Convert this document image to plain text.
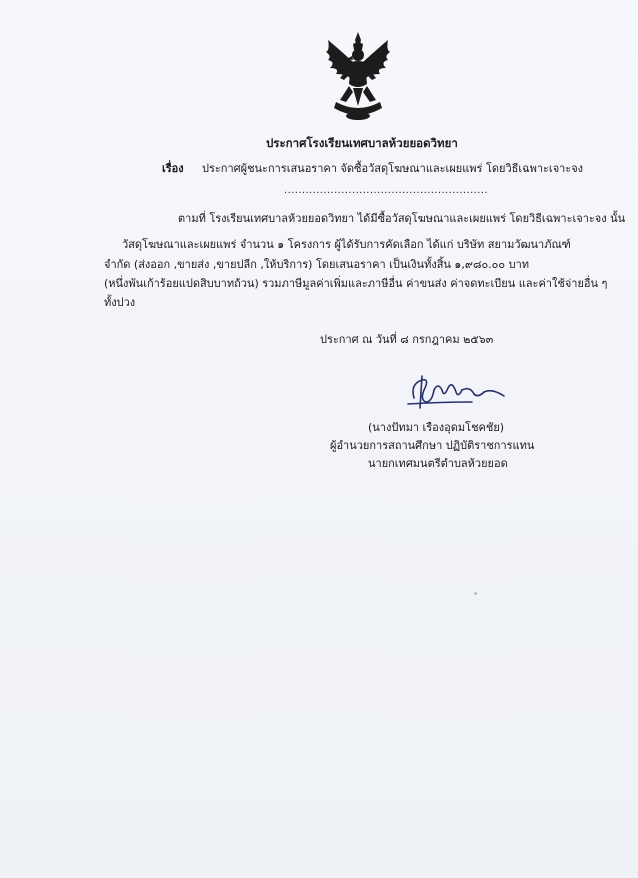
ประกาศโรงเรียนเทศบาลห้วยยอดวิทยา
เรื่อง ประกาศผู้ชนะการเสนอราคา จัดซื้อวัสดุโฆษณาและเผยแพร่ โดยวิธีเฉพาะเจาะจง
.........................................................
ตามที่ โรงเรียนเทศบาลห้วยยอดวิทยา ได้มีซื้อวัสดุโฆษณาและเผยแพร่ โดยวิธีเฉพาะเจาะจง นั้น
วัสดุโฆษณาและเผยแพร่ จำนวน ๑ โครงการ ผู้ได้รับการคัดเลือก ได้แก่ บริษัท สยามวัฒนาภัณฑ์
จำกัด (ส่งออก ,ขายส่ง ,ขายปลีก ,ให้บริการ) โดยเสนอราคา เป็นเงินทั้งสิ้น ๑,๙๘๐.๐๐ บาท
(หนึ่งพันเก้าร้อยแปดสิบบาทถ้วน) รวมภาษีมูลค่าเพิ่มและภาษีอื่น ค่าขนส่ง ค่าจดทะเบียน และค่าใช้จ่ายอื่น ๆ
ทั้งปวง
ประกาศ ณ วันที่ ๘ กรกฎาคม ๒๕๖๓
(นางปัทมา เรืองอุดมโชคชัย)
ผู้อำนวยการสถานศึกษา ปฏิบัติราชการแทน
นายกเทศมนตรีตำบลห้วยยอด
